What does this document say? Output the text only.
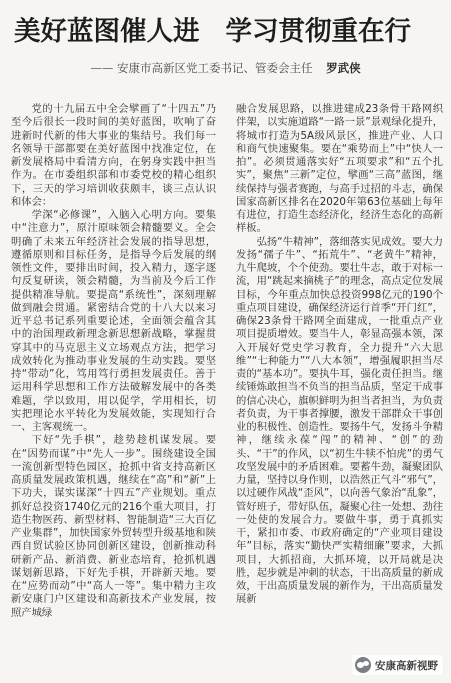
美好蓝图催人进 学习贯彻重在行
—— 安康市高新区党工委书记、管委会主任 罗武侠

党的十九届五中全会擘画了“十四五”乃至今后很长一段时间的美好蓝图，吹响了奋进新时代新的伟大事业的集结号。我们每一名领导干部都要在美好蓝图中找准定位，在新发展格局中看清方向，在躬身实践中担当作为。在市委组织部和市委党校的精心组织下，三天的学习培训收获颇丰，谈三点认识和体会：

学深“必修课”，入脑入心明方向。要集中“注意力”，原汁原味领会精髓要义。全会明确了未来五年经济社会发展的指导思想，遵循原则和目标任务，是指导今后发展的纲领性文件，要排出时间，投入精力，逐字逐句反复研读，领会精髓，为当前及今后工作提供精准导航。要提高“系统性”，深刻理解做到融会贯通。紧密结合党的十八大以来习近平总书记系列重要论述，全面领会蕴含其中的治国理政新理念新思想新战略，掌握贯穿其中的马克思主义立场观点方法，把学习成效转化为推动事业发展的生动实践。要坚持“带动”化，笃用笃行勇担发展责任。善于运用科学思想和工作方法破解发展中的各类难题，学以致用，用以促学，学用相长，切实把理论水平转化为发展效能，实现知行合一、主客观统一。

下好“先手棋”，趁势趁机谋发展。要在“因势而谋”中“先人一步”。围绕建设全国一流创新型特色园区，抢抓中省支持高新区高质量发展政策机遇，继续在“高”和“新”上下功夫，谋实谋深“十四五”产业规划。重点抓好总投资1740亿元的216个重大项目，打造生物医药、新型材料、智能制造“三大百亿产业集群”，加快国家外贸转型升级基地和陕西自贸试验区协同创新区建设，创新推动科研新产品、新消费、新业态培育，抢抓机遇谋划新思路，下好先手棋，开辟新天地。要在“应势而动”中“高人一等”。集中精力主攻新安康门户区建设和高新技术产业发展，按照产城绿

融合发展思路，以推进建成23条骨干路网织伴架，以实施道路“一路一景”景观绿化提升，将城市打造为5A级风景区，推进产业、人口和商气快速聚集。要在“乘势而上”中“快人一拍”。必须贯通落实好“五项要求”和“五个扎实”，聚焦“三新”定位，擘画“三高”蓝图，继续保持与强者赛跑，与高手过招的斗志，确保国家高新区排名在2020年第63位基础上每年有进位，打造生态经济化，经济生态化的高新样板。

弘扬“牛精神”，落细落实见成效。要大力发扬“孺子牛”、“拓荒牛”、“老黄牛”精神，九牛爬坡，个个使劲。要壮牛志，敢于对标一流，用“跳起来摘桃子”的理念，高点定位发展目标，今年重点加快总投资998亿元的190个重点项目建设，确保经济运行首季“开门红”，确保23条骨干路网全面建成，一批重点产业项目提质增效。要当牛人，彰显高强本领，深入开展好党史学习教育，全力提升“六大思维”“七种能力”“八大本领”，增强履职担当尽责的“基本功”。要执牛耳，强化责任担当。继续锤炼敢担当不负当的担当品质，坚定干成事的信心决心，旗帜鲜明为担当者担当，为负责者负责，为干事者撑腰，激发干部群众干事创业的积极性、创造性。要扬牛气，发扬斗争精神，继续永葆“闯”的精神、“创”的劲头、“干”的作风，以“初生牛犊不怕虎”的勇气攻坚发展中的矛盾困难。要蓄牛劲，凝聚团队力量，坚持以身作则，以浩然正气斗“邪气”，以过硬作风战“歪风”，以向善气象治“乱象”，管好班子，带好队伍，凝聚心往一处想、劲往一处使的发展合力。要做牛事，勇于真抓实干，紧扣市委、市政府确定的“产业项目建设年”目标，落实“勤快严实精细廉”要求，大抓项目，大抓招商，大抓环境，以开局就是决胜，起步就是冲刺的状态，干出高质量的新成效，干出高质量发展的新作为，干出高质量发展新

安康高新视野
